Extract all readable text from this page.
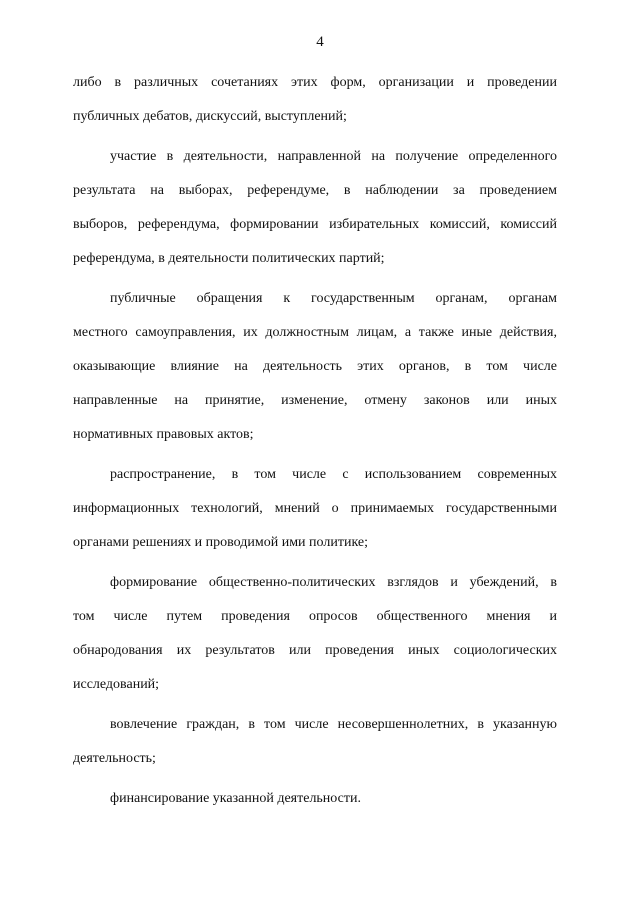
4

либо в различных сочетаниях этих форм, организации и проведении
публичных дебатов, дискуссий, выступлений;

участие в деятельности, направленной на получение определенного
результата на выборах, референдуме, в наблюдении за проведением
выборов, референдума, формировании избирательных комиссий, комиссий
референдума, в деятельности политических партий;

публичные обращения к государственным органам, органам
местного самоуправления, их должностным лицам, а также иные действия,
оказывающие влияние на деятельность этих органов, в том числе
направленные на принятие, изменение, отмену законов или иных
нормативных правовых актов;

распространение, в том числе с использованием современных
информационных технологий, мнений о принимаемых государственными
органами решениях и проводимой ими политике;

формирование общественно-политических взглядов и убеждений, в
том числе путем проведения опросов общественного мнения и
обнародования их результатов или проведения иных социологических
исследований;

вовлечение граждан, в том числе несовершеннолетних, в указанную
деятельность;

финансирование указанной деятельности.
